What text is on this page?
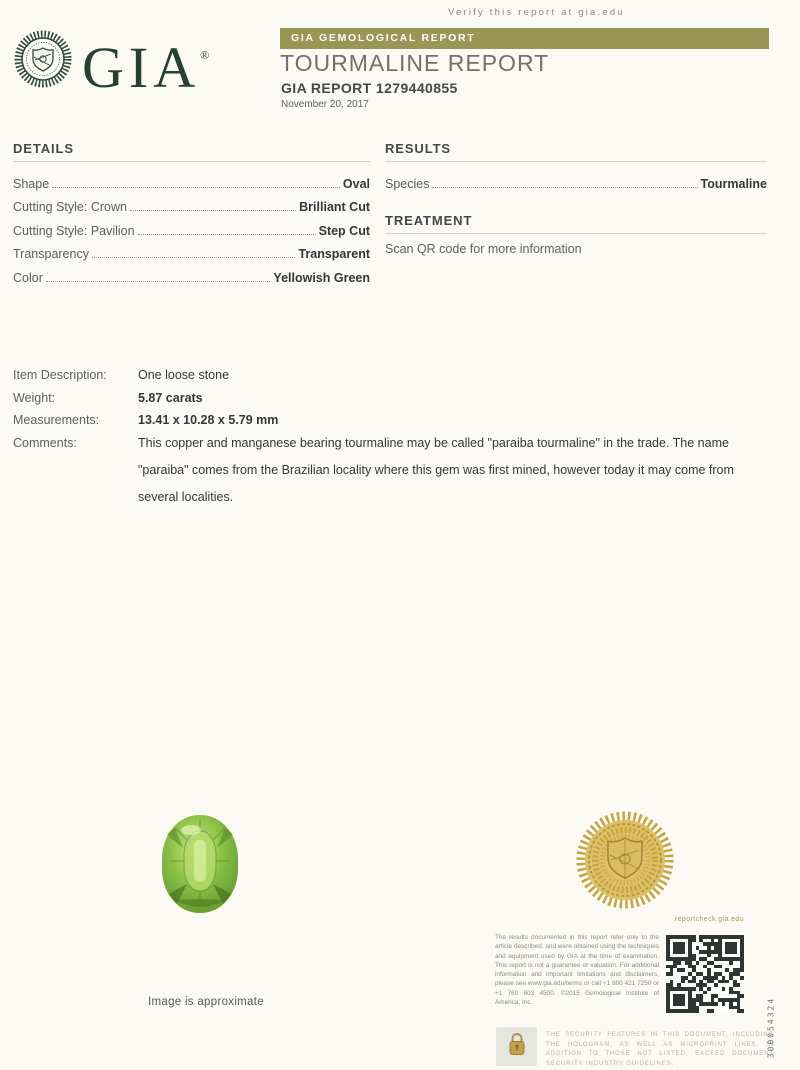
Verify this report at gia.edu
GIA®
GIA GEMOLOGICAL REPORT
TOURMALINE REPORT
GIA REPORT 1279440855
November 20, 2017
DETAILS
Shape	Oval
Cutting Style: Crown	Brilliant Cut
Cutting Style: Pavilion	Step Cut
Transparency	Transparent
Color	Yellowish Green
RESULTS
Species	Tourmaline
TREATMENT
Scan QR code for more information
Item Description:	One loose stone
Weight:	5.87 carats
Measurements:	13.41 x 10.28 x 5.79 mm
Comments:	This copper and manganese bearing tourmaline may be called "paraiba tourmaline" in the trade. The name "paraiba" comes from the Brazilian locality where this gem was first mined, however today it may come from several localities.
Image is approximate
reportcheck.gia.edu
The results documented in this report refer only to the article described, and were obtained using the techniques and equipment used by GIA at the time of examination. This report is not a guarantee or valuation. For additional information and important limitations and disclaimers, please see www.gia.edu/terms or call +1 800 421 7250 or +1 760 603 4500. ©2015 Gemological Institute of America, Inc.
THE SECURITY FEATURES IN THIS DOCUMENT, INCLUDING THE HOLOGRAM, AS WELL AS MICROPRINT LINES, IN ADDITION TO THOSE NOT LISTED, EXCEED DOCUMENT SECURITY INDUSTRY GUIDELINES.
300054324
